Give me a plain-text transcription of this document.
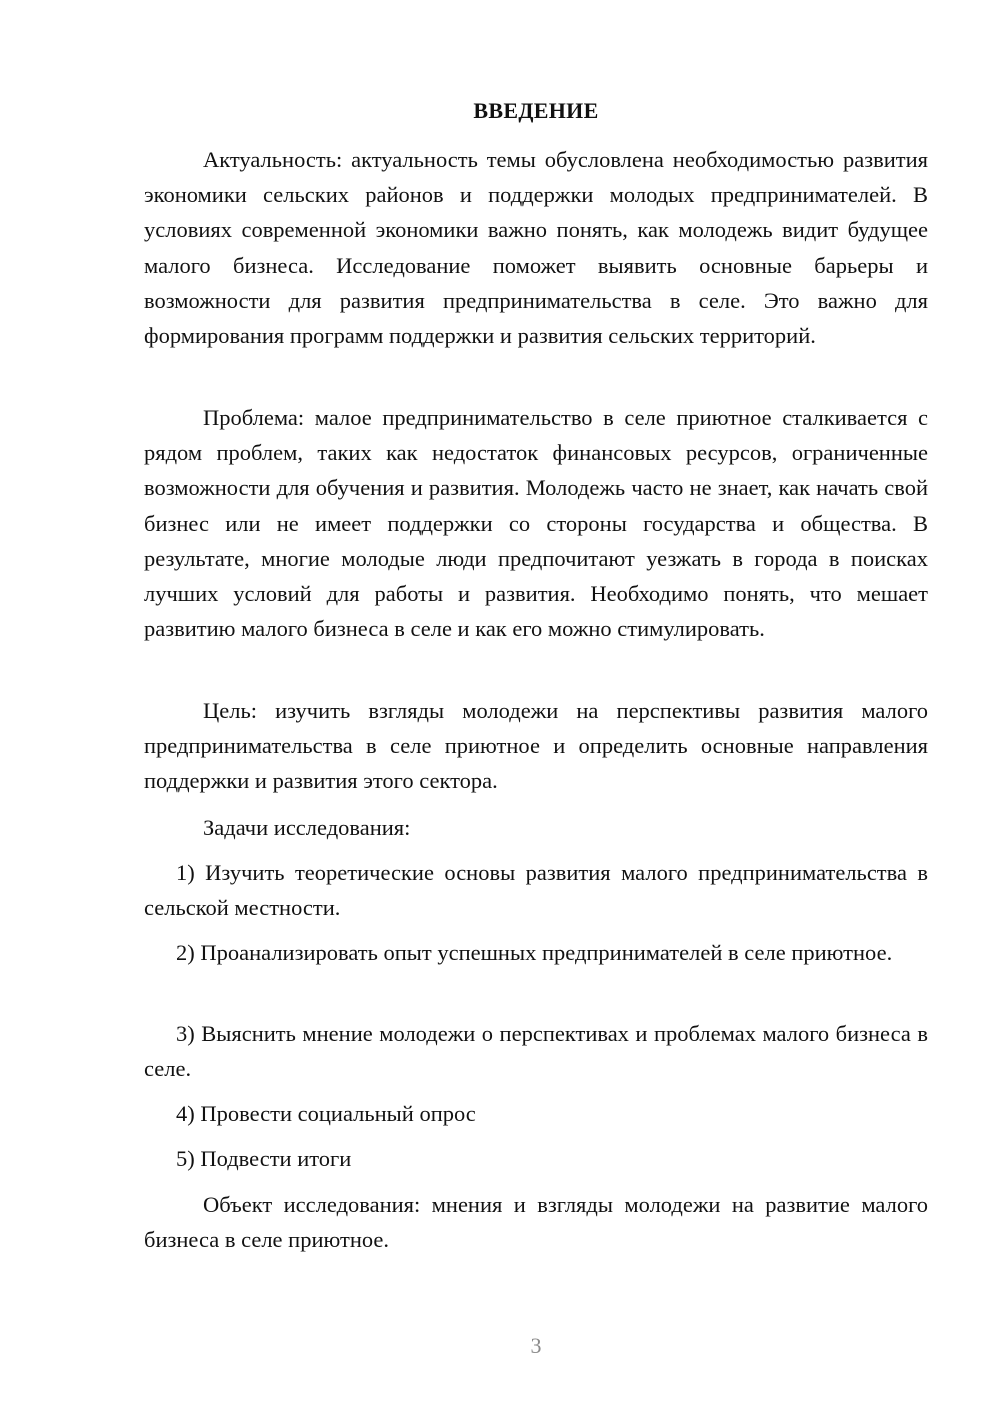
ВВЕДЕНИЕ

Актуальность: актуальность темы обусловлена необходимостью развития экономики сельских районов и поддержки молодых предпринимателей. В условиях современной экономики важно понять, как молодежь видит будущее малого бизнеса. Исследование поможет выявить основные барьеры и возможности для развития предпринимательства в селе. Это важно для формирования программ поддержки и развития сельских территорий.

Проблема: малое предпринимательство в селе приютное сталкивается с рядом проблем, таких как недостаток финансовых ресурсов, ограниченные возможности для обучения и развития. Молодежь часто не знает, как начать свой бизнес или не имеет поддержки со стороны государства и общества. В результате, многие молодые люди предпочитают уезжать в города в поисках лучших условий для работы и развития. Необходимо понять, что мешает развитию малого бизнеса в селе и как его можно стимулировать.

Цель: изучить взгляды молодежи на перспективы развития малого предпринимательства в селе приютное и определить основные направления поддержки и развития этого сектора.

Задачи исследования:

1) Изучить теоретические основы развития малого предпринимательства в сельской местности.

2) Проанализировать опыт успешных предпринимателей в селе приютное.

3) Выяснить мнение молодежи о перспективах и проблемах малого бизнеса в селе.

4) Провести социальный опрос

5) Подвести итоги

Объект исследования: мнения и взгляды молодежи на развитие малого бизнеса в селе приютное.

3
